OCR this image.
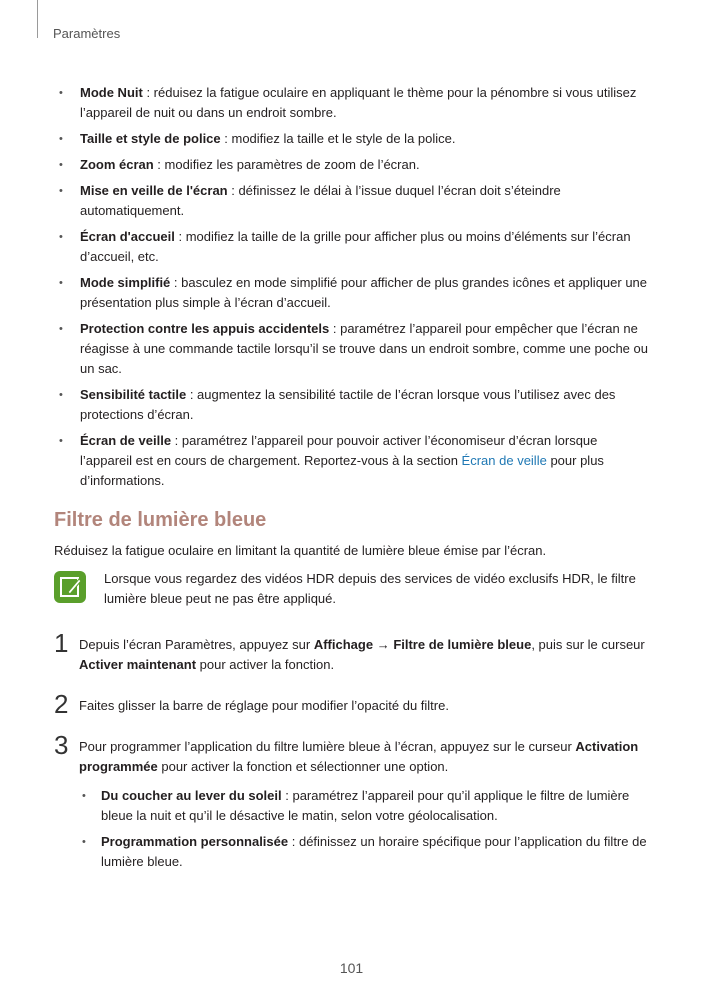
Paramètres
• Mode Nuit : réduisez la fatigue oculaire en appliquant le thème pour la pénombre si vous utilisez l’appareil de nuit ou dans un endroit sombre.
• Taille et style de police : modifiez la taille et le style de la police.
• Zoom écran : modifiez les paramètres de zoom de l’écran.
• Mise en veille de l'écran : définissez le délai à l’issue duquel l’écran doit s’éteindre automatiquement.
• Écran d'accueil : modifiez la taille de la grille pour afficher plus ou moins d’éléments sur l’écran d’accueil, etc.
• Mode simplifié : basculez en mode simplifié pour afficher de plus grandes icônes et appliquer une présentation plus simple à l’écran d’accueil.
• Protection contre les appuis accidentels : paramétrez l’appareil pour empêcher que l’écran ne réagisse à une commande tactile lorsqu’il se trouve dans un endroit sombre, comme une poche ou un sac.
• Sensibilité tactile : augmentez la sensibilité tactile de l’écran lorsque vous l’utilisez avec des protections d’écran.
• Écran de veille : paramétrez l’appareil pour pouvoir activer l’économiseur d’écran lorsque l’appareil est en cours de chargement. Reportez-vous à la section Écran de veille pour plus d’informations.
Filtre de lumière bleue
Réduisez la fatigue oculaire en limitant la quantité de lumière bleue émise par l’écran.
Lorsque vous regardez des vidéos HDR depuis des services de vidéo exclusifs HDR, le filtre lumière bleue peut ne pas être appliqué.
1 Depuis l’écran Paramètres, appuyez sur Affichage → Filtre de lumière bleue, puis sur le curseur Activer maintenant pour activer la fonction.
2 Faites glisser la barre de réglage pour modifier l’opacité du filtre.
3 Pour programmer l’application du filtre lumière bleue à l’écran, appuyez sur le curseur Activation programmée pour activer la fonction et sélectionner une option.
• Du coucher au lever du soleil : paramétrez l’appareil pour qu’il applique le filtre de lumière bleue la nuit et qu’il le désactive le matin, selon votre géolocalisation.
• Programmation personnalisée : définissez un horaire spécifique pour l’application du filtre de lumière bleue.
101
